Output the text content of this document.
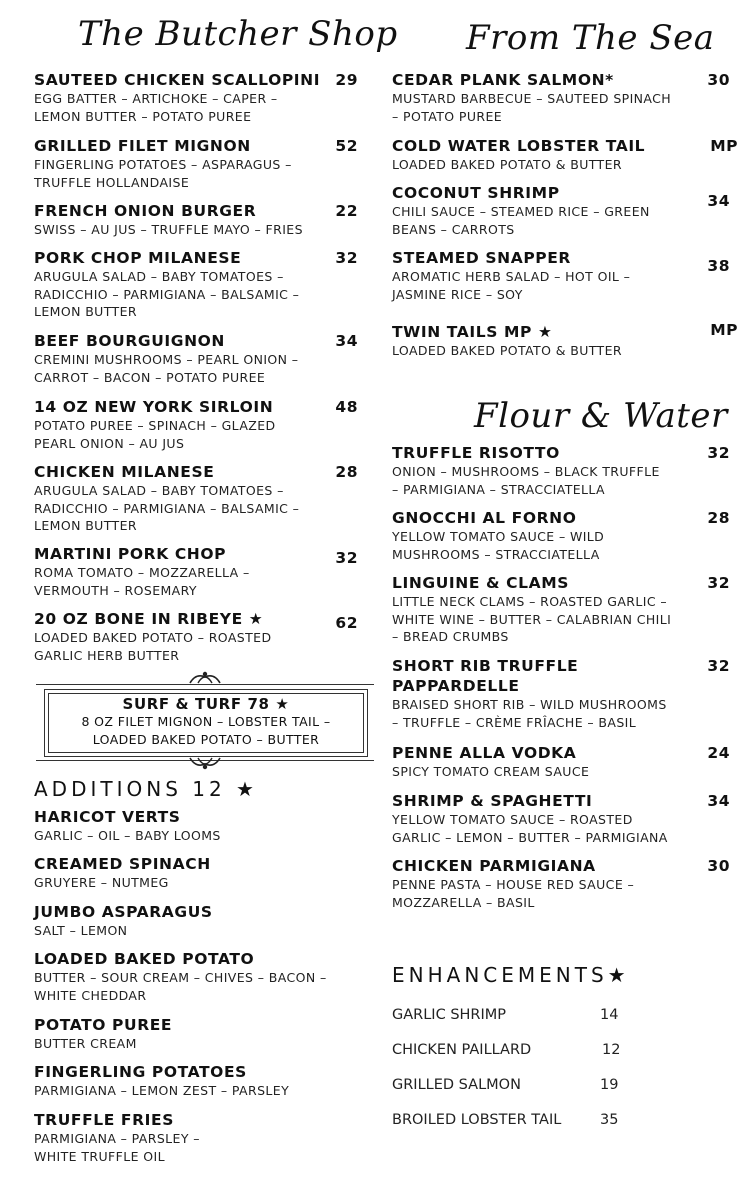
The Butcher Shop
SAUTEED CHICKEN SCALLOPINI
EGG BATTER – ARTICHOKE – CAPER –
LEMON BUTTER – POTATO PUREE
29
GRILLED FILET MIGNON
FINGERLING POTATOES – ASPARAGUS –
TRUFFLE HOLLANDAISE
52
FRENCH ONION BURGER
SWISS – AU JUS – TRUFFLE MAYO – FRIES
22
PORK CHOP MILANESE
ARUGULA SALAD – BABY TOMATOES –
RADICCHIO – PARMIGIANA – BALSAMIC –
LEMON BUTTER
32
BEEF BOURGUIGNON
CREMINI MUSHROOMS – PEARL ONION –
CARROT – BACON – POTATO PUREE
34
14 OZ NEW YORK SIRLOIN
POTATO PUREE – SPINACH – GLAZED
PEARL ONION – AU JUS
48
CHICKEN MILANESE
ARUGULA SALAD – BABY TOMATOES –
RADICCHIO – PARMIGIANA – BALSAMIC –
LEMON BUTTER
28
MARTINI PORK CHOP
ROMA TOMATO – MOZZARELLA –
VERMOUTH – ROSEMARY
32
20 OZ BONE IN RIBEYE ★
LOADED BAKED POTATO – ROASTED
GARLIC HERB BUTTER
62
SURF & TURF 78 ★
8 OZ FILET MIGNON – LOBSTER TAIL –
LOADED BAKED POTATO – BUTTER
ADDITIONS 12 ★
HARICOT VERTS
GARLIC – OIL – BABY LOOMS
CREAMED SPINACH
GRUYERE – NUTMEG
JUMBO ASPARAGUS
SALT – LEMON
LOADED BAKED POTATO
BUTTER – SOUR CREAM – CHIVES – BACON –
WHITE CHEDDAR
POTATO PUREE
BUTTER CREAM
FINGERLING POTATOES
PARMIGIANA – LEMON ZEST – PARSLEY
TRUFFLE FRIES
PARMIGIANA – PARSLEY –
WHITE TRUFFLE OIL
From The Sea
CEDAR PLANK SALMON*
MUSTARD BARBECUE – SAUTEED SPINACH
– POTATO PUREE
30
COLD WATER LOBSTER TAIL
LOADED BAKED POTATO & BUTTER
MP
COCONUT SHRIMP
CHILI SAUCE – STEAMED RICE – GREEN
BEANS – CARROTS
34
STEAMED SNAPPER
AROMATIC HERB SALAD – HOT OIL –
JASMINE RICE – SOY
38
TWIN TAILS MP ★
LOADED BAKED POTATO & BUTTER
MP
Flour & Water
TRUFFLE RISOTTO
ONION – MUSHROOMS – BLACK TRUFFLE
– PARMIGIANA – STRACCIATELLA
32
GNOCCHI AL FORNO
YELLOW TOMATO SAUCE – WILD
MUSHROOMS – STRACCIATELLA
28
LINGUINE & CLAMS
LITTLE NECK CLAMS – ROASTED GARLIC –
WHITE WINE – BUTTER – CALABRIAN CHILI
– BREAD CRUMBS
32
SHORT RIB TRUFFLE
PAPPARDELLE
BRAISED SHORT RIB – WILD MUSHROOMS
– TRUFFLE – CRÈME FRÎACHE – BASIL
32
PENNE ALLA VODKA
SPICY TOMATO CREAM SAUCE
24
SHRIMP & SPAGHETTI
YELLOW TOMATO SAUCE – ROASTED
GARLIC – LEMON – BUTTER – PARMIGIANA
34
CHICKEN PARMIGIANA
PENNE PASTA – HOUSE RED SAUCE –
MOZZARELLA – BASIL
30
ENHANCEMENTS★
GARLIC SHRIMP	14
CHICKEN PAILLARD	12
GRILLED SALMON	19
BROILED LOBSTER TAIL	35
